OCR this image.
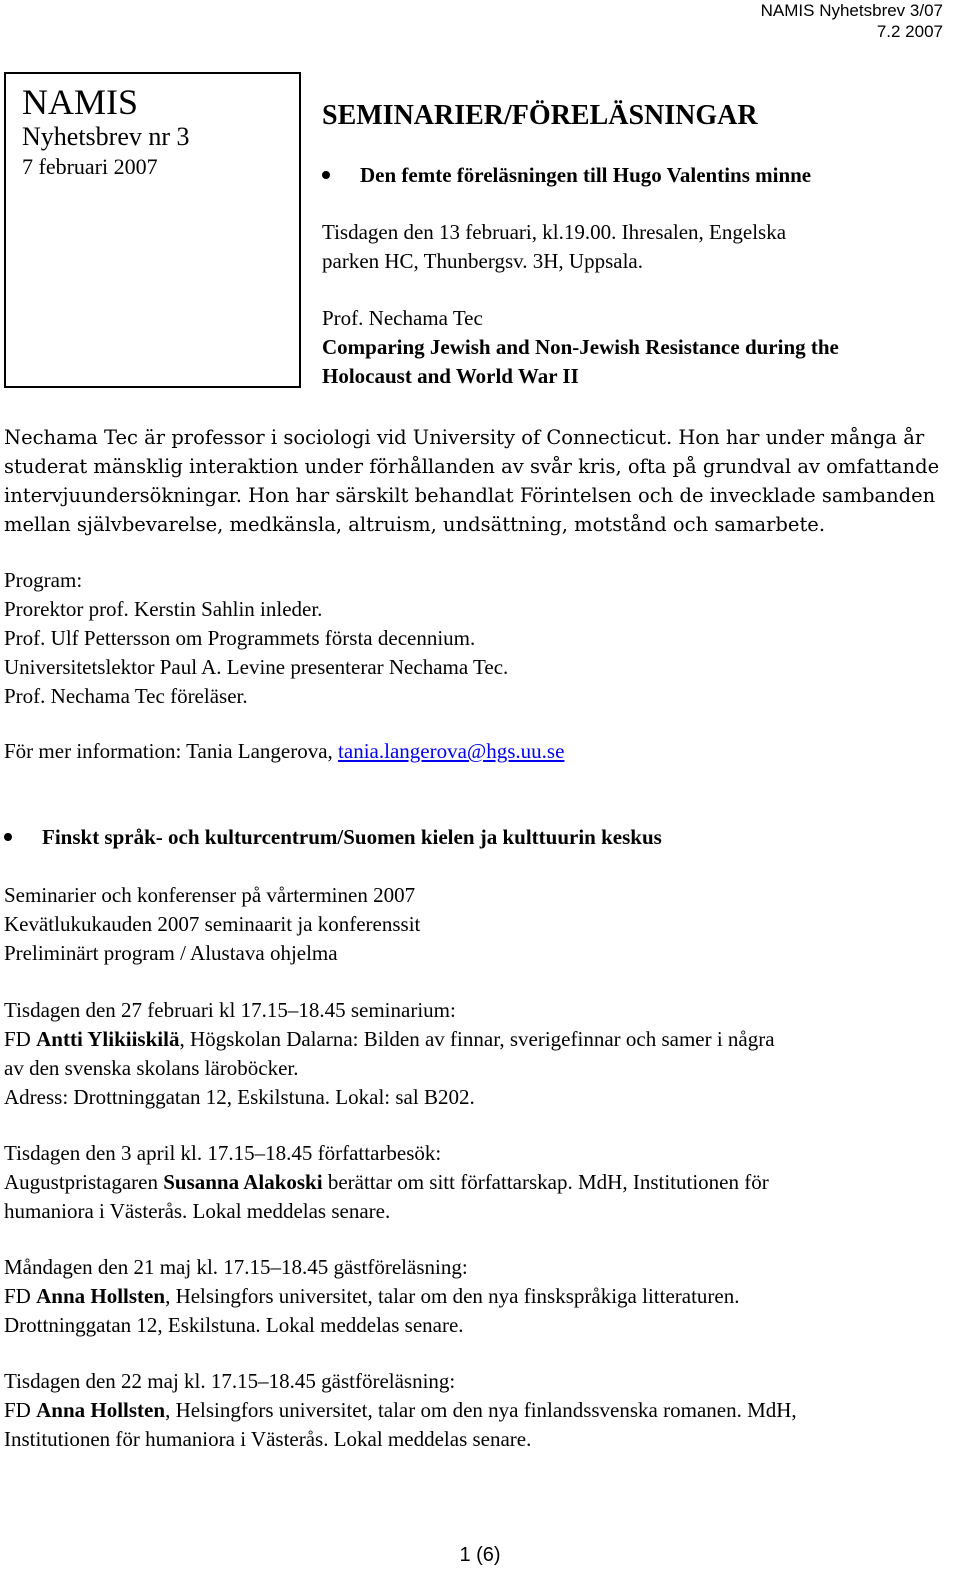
NAMIS Nyhetsbrev 3/07
7.2 2007
NAMIS
Nyhetsbrev nr 3
7 februari 2007
SEMINARIER/FÖRELÄSNINGAR
Den femte föreläsningen till Hugo Valentins minne

Tisdagen den 13 februari, kl.19.00. Ihresalen, Engelska

parken HC, Thunbergsv. 3H, Uppsala.

Prof. Nechama Tec

Comparing Jewish and Non-Jewish Resistance during the

Holocaust and World War II

Nechama Tec är professor i sociologi vid University of Connecticut. Hon har under många år

studerat mänsklig interaktion under förhållanden av svår kris, ofta på grundval av omfattande

intervjuundersökningar. Hon har särskilt behandlat Förintelsen och de invecklade sambanden

mellan självbevarelse, medkänsla, altruism, undsättning, motstånd och samarbete.

Program:

Prorektor prof. Kerstin Sahlin inleder.

Prof. Ulf Pettersson om Programmets första decennium.

Universitetslektor Paul A. Levine presenterar Nechama Tec.

Prof. Nechama Tec föreläser.

För mer information: Tania Langerova, tania.langerova@hgs.uu.se

Finskt språk- och kulturcentrum/Suomen kielen ja kulttuurin keskus

Seminarier och konferenser på vårterminen 2007

Kevätlukukauden 2007 seminaarit ja konferenssit

Preliminärt program / Alustava ohjelma

Tisdagen den 27 februari kl 17.15–18.45 seminarium:

FD Antti Ylikiiskilä, Högskolan Dalarna: Bilden av finnar, sverigefinnar och samer i några

av den svenska skolans läroböcker.

Adress: Drottninggatan 12, Eskilstuna. Lokal: sal B202.

Tisdagen den 3 april kl. 17.15–18.45 författarbesök:

Augustpristagaren Susanna Alakoski berättar om sitt författarskap. MdH, Institutionen för

humaniora i Västerås. Lokal meddelas senare.

Måndagen den 21 maj kl. 17.15–18.45 gästföreläsning:

FD Anna Hollsten, Helsingfors universitet, talar om den nya finskspråkiga litteraturen.

Drottninggatan 12, Eskilstuna. Lokal meddelas senare.

Tisdagen den 22 maj kl. 17.15–18.45 gästföreläsning:

FD Anna Hollsten, Helsingfors universitet, talar om den nya finlandssvenska romanen. MdH,

Institutionen för humaniora i Västerås. Lokal meddelas senare.

1 (6)
